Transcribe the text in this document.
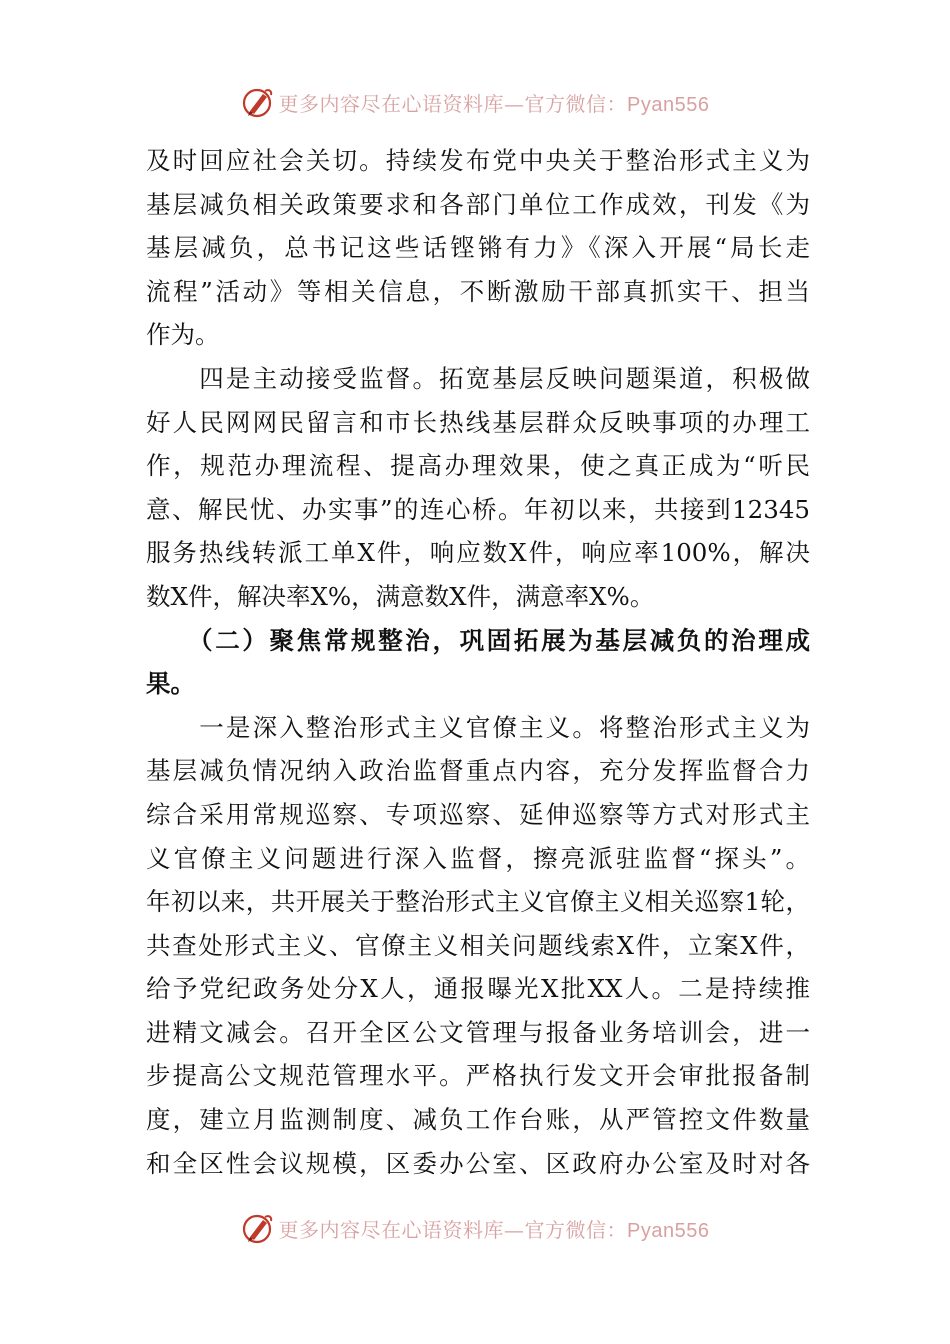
更多内容尽在心语资料库—官方微信：Pyan556
及时回应社会关切。持续发布党中央关于整治形式主义为
基层减负相关政策要求和各部门单位工作成效，刊发《为
基层减负，总书记这些话铿锵有力》《深入开展“局长走
流程”活动》等相关信息，不断激励干部真抓实干、担当
作为。
　　四是主动接受监督。拓宽基层反映问题渠道，积极做
好人民网网民留言和市长热线基层群众反映事项的办理工
作，规范办理流程、提高办理效果，使之真正成为“听民
意、解民忧、办实事”的连心桥。年初以来，共接到12345
服务热线转派工单X件，响应数X件，响应率100%，解决
数X件，解决率X%，满意数X件，满意率X%。
　　（二）聚焦常规整治，巩固拓展为基层减负的治理成
果。
　　一是深入整治形式主义官僚主义。将整治形式主义为
基层减负情况纳入政治监督重点内容，充分发挥监督合力
综合采用常规巡察、专项巡察、延伸巡察等方式对形式主
义官僚主义问题进行深入监督，擦亮派驻监督“探头”。
年初以来，共开展关于整治形式主义官僚主义相关巡察1轮，
共查处形式主义、官僚主义相关问题线索X件，立案X件，
给予党纪政务处分X人，通报曝光X批XX人。二是持续推
进精文减会。召开全区公文管理与报备业务培训会，进一
步提高公文规范管理水平。严格执行发文开会审批报备制
度，建立月监测制度、减负工作台账，从严管控文件数量
和全区性会议规模，区委办公室、区政府办公室及时对各
更多内容尽在心语资料库—官方微信：Pyan556
